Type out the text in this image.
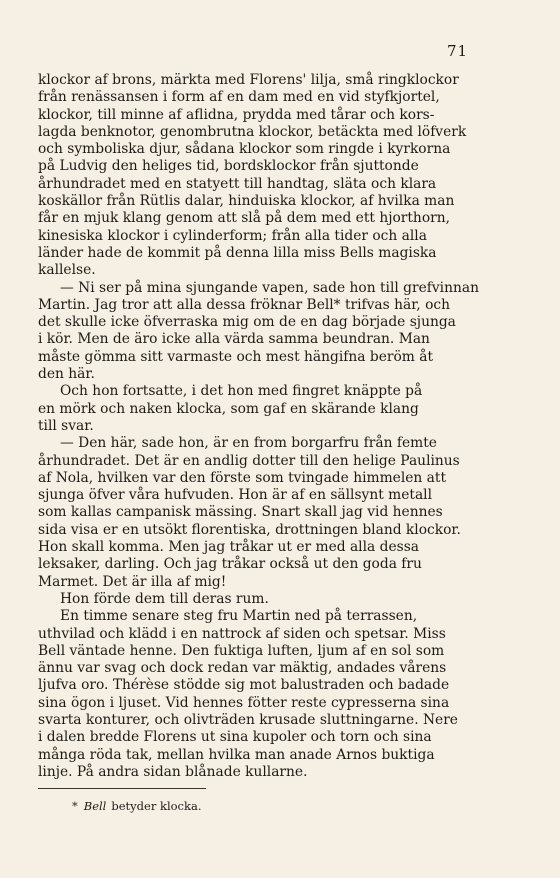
71
klockor af brons, märkta med Florens' lilja, små ringklockor
från renässansen i form af en dam med en vid styfkjortel,
klockor, till minne af aflidna, prydda med tårar och kors-
lagda benknotor, genombrutna klockor, betäckta med löfverk
och symboliska djur, sådana klockor som ringde i kyrkorna
på Ludvig den heliges tid, bordsklockor från sjuttonde
århundradet med en statyett till handtag, släta och klara
koskällor från Rütlis dalar, hinduiska klockor, af hvilka man
får en mjuk klang genom att slå på dem med ett hjorthorn,
kinesiska klockor i cylinderform; från alla tider och alla
länder hade de kommit på denna lilla miss Bells magiska
kallelse.
— Ni ser på mina sjungande vapen, sade hon till grefvinnan
Martin. Jag tror att alla dessa fröknar Bell* trifvas här, och
det skulle icke öfverraska mig om de en dag började sjunga
i kör. Men de äro icke alla värda samma beundran. Man
måste gömma sitt varmaste och mest hängifna beröm åt
den här.
Och hon fortsatte, i det hon med fingret knäppte på
en mörk och naken klocka, som gaf en skärande klang
till svar.
— Den här, sade hon, är en from borgarfru från femte
århundradet. Det är en andlig dotter till den helige Paulinus
af Nola, hvilken var den förste som tvingade himmelen att
sjunga öfver våra hufvuden. Hon är af en sällsynt metall
som kallas campanisk mässing. Snart skall jag vid hennes
sida visa er en utsökt florentiska, drottningen bland klockor.
Hon skall komma. Men jag tråkar ut er med alla dessa
leksaker, darling. Och jag tråkar också ut den goda fru
Marmet. Det är illa af mig!
Hon förde dem till deras rum.
En timme senare steg fru Martin ned på terrassen,
uthvilad och klädd i en nattrock af siden och spetsar. Miss
Bell väntade henne. Den fuktiga luften, ljum af en sol som
ännu var svag och dock redan var mäktig, andades vårens
ljufva oro. Thérèse stödde sig mot balustraden och badade
sina ögon i ljuset. Vid hennes fötter reste cypresserna sina
svarta konturer, och olivträden krusade sluttningarne. Nere
i dalen bredde Florens ut sina kupoler och torn och sina
många röda tak, mellan hvilka man anade Arnos buktiga
linje. På andra sidan blånade kullarne.
* Bell betyder klocka.
